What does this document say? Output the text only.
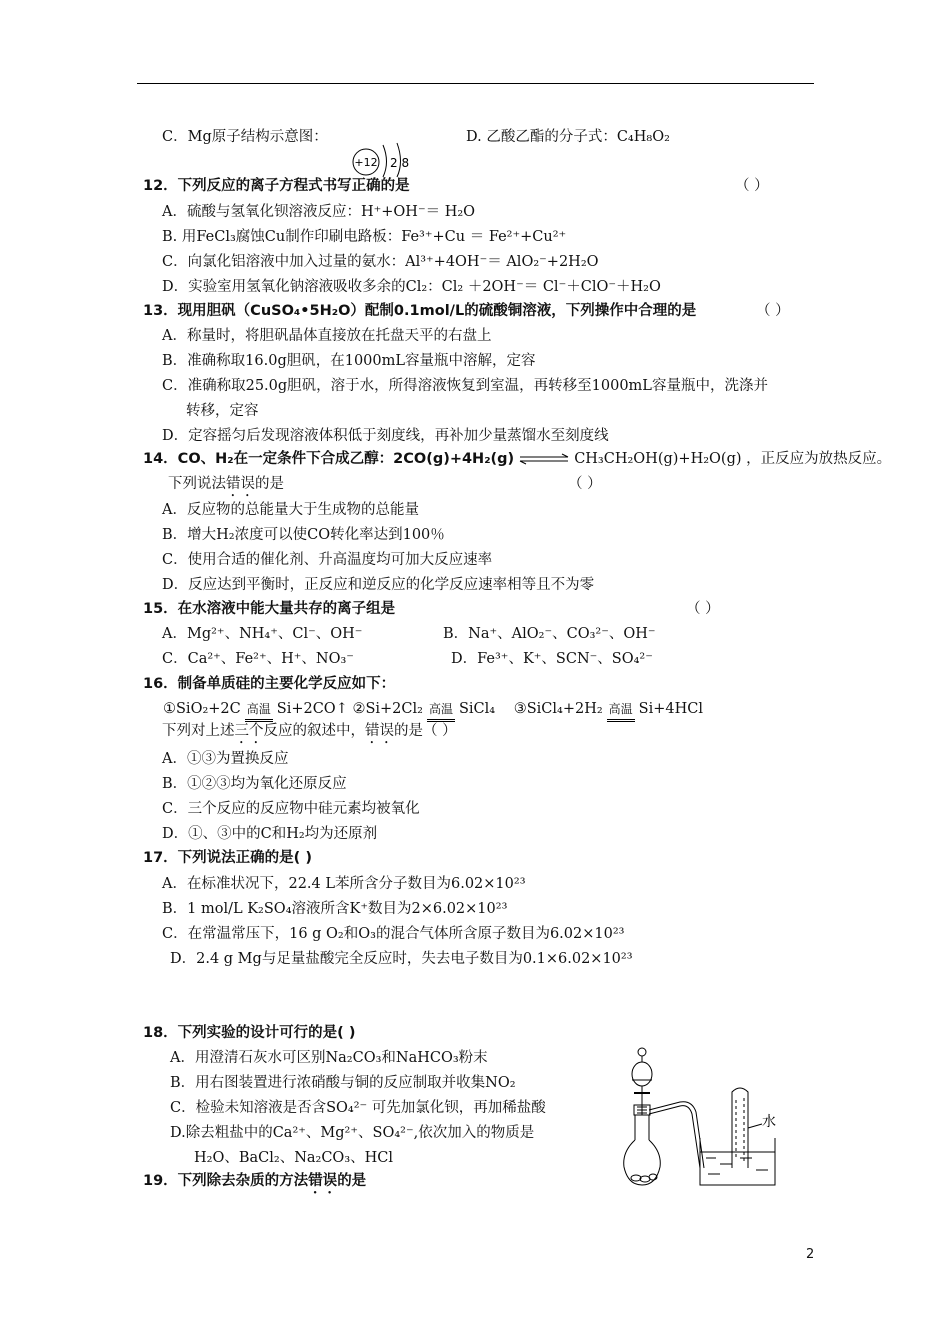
C．Mg原子结构示意图：	D. 乙酸乙酯的分子式：C₄H₈O₂
+12 2 8
12．下列反应的离子方程式书写正确的是	（ ）
A．硫酸与氢氧化钡溶液反应：H⁺+OH⁻＝ H₂O
B. 用FeCl₃腐蚀Cu制作印刷电路板：Fe³⁺+Cu ＝ Fe²⁺+Cu²⁺
C．向氯化铝溶液中加入过量的氨水：Al³⁺+4OH⁻＝ AlO₂⁻+2H₂O
D．实验室用氢氧化钠溶液吸收多余的Cl₂：Cl₂ ＋2OH⁻＝ Cl⁻＋ClO⁻＋H₂O
13．现用胆矾（CuSO₄•5H₂O）配制0.1mol/L的硫酸铜溶液，下列操作中合理的是	（ ）
A．称量时，将胆矾晶体直接放在托盘天平的右盘上
B．准确称取16.0g胆矾，在1000mL容量瓶中溶解，定容
C．准确称取25.0g胆矾，溶于水，所得溶液恢复到室温，再转移至1000mL容量瓶中，洗涤并
转移，定容
D．定容摇匀后发现溶液体积低于刻度线，再补加少量蒸馏水至刻度线
14．CO、H₂在一定条件下合成乙醇：2CO(g)+4H₂(g) ⇌ CH₃CH₂OH(g)+H₂O(g) ，正反应为放热反应。
下列说法错误的是	（ ）
A．反应物的总能量大于生成物的总能量
B．增大H₂浓度可以使CO转化率达到100％
C．使用合适的催化剂、升高温度均可加大反应速率
D．反应达到平衡时，正反应和逆反应的化学反应速率相等且不为零
15．在水溶液中能大量共存的离子组是	（ ）
A．Mg²⁺、NH₄⁺、Cl⁻、OH⁻	B．Na⁺、AlO₂⁻、CO₃²⁻、OH⁻
C．Ca²⁺、Fe²⁺、H⁺、NO₃⁻	D．Fe³⁺、K⁺、SCN⁻、SO₄²⁻
16．制备单质硅的主要化学反应如下：
①SiO₂+2C 高温 Si+2CO↑ ②Si+2Cl₂ 高温 SiCl₄ ③SiCl₄+2H₂ 高温 Si+4HCl
下列对上述三个反应的叙述中，错误的是（ ）
A．①③为置换反应
B．①②③均为氧化还原反应
C．三个反应的反应物中硅元素均被氧化
D．①、③中的C和H₂均为还原剂
17．下列说法正确的是( )
A．在标准状况下，22.4 L苯所含分子数目为6.02×10²³
B．1 mol/L K₂SO₄溶液所含K⁺数目为2×6.02×10²³
C．在常温常压下，16 g O₂和O₃的混合气体所含原子数目为6.02×10²³
D．2.4 g Mg与足量盐酸完全反应时，失去电子数目为0.1×6.02×10²³
18．下列实验的设计可行的是( )
A．用澄清石灰水可区别Na₂CO₃和NaHCO₃粉末
B．用右图装置进行浓硝酸与铜的反应制取并收集NO₂
C．检验未知溶液是否含SO₄²⁻ 可先加氯化钡，再加稀盐酸
D.除去粗盐中的Ca²⁺、Mg²⁺、SO₄²⁻,依次加入的物质是
H₂O、BaCl₂、Na₂CO₃、HCl
水
19．下列除去杂质的方法错误的是
2
